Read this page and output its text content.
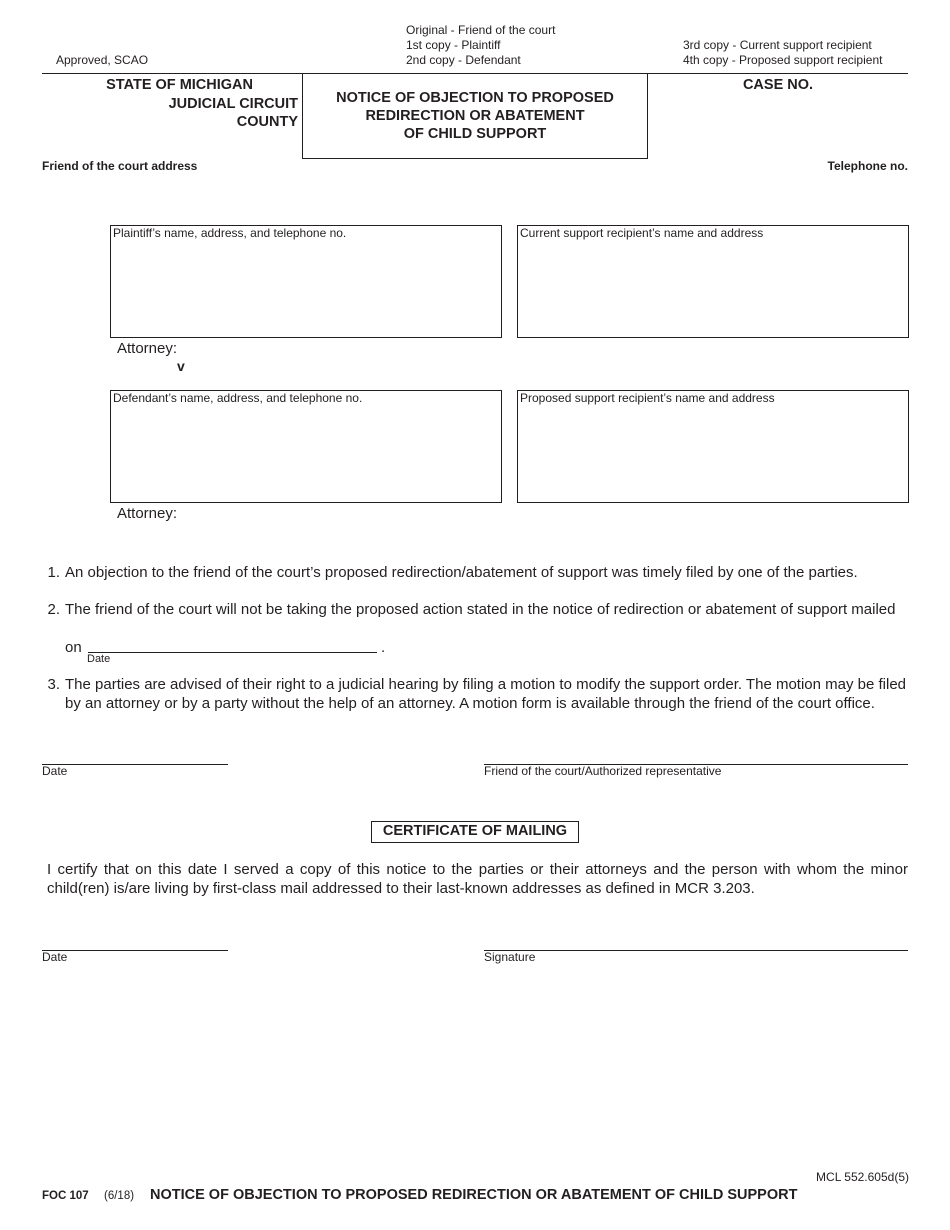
Approved, SCAO
Original - Friend of the court
1st copy - Plaintiff
2nd copy - Defendant
3rd copy - Current support recipient
4th copy - Proposed support recipient
STATE OF MICHIGAN
JUDICIAL CIRCUIT
COUNTY
NOTICE OF OBJECTION TO PROPOSED
REDIRECTION OR ABATEMENT
OF CHILD SUPPORT
CASE NO.
Friend of the court address	Telephone no.
Plaintiff’s name, address, and telephone no.	Current support recipient’s name and address
Attorney:
v
Defendant’s name, address, and telephone no.	Proposed support recipient’s name and address
Attorney:
1. An objection to the friend of the court’s proposed redirection/abatement of support was timely filed by one of the parties.
2. The friend of the court will not be taking the proposed action stated in the notice of redirection or abatement of support mailed
on	.
Date
3. The parties are advised of their right to a judicial hearing by filing a motion to modify the support order. The motion may be filed by an attorney or by a party without the help of an attorney. A motion form is available through the friend of the court office.
Date	Friend of the court/Authorized representative
CERTIFICATE OF MAILING
I certify that on this date I served a copy of this notice to the parties or their attorneys and the person with whom the minor child(ren) is/are living by first-class mail addressed to their last-known addresses as defined in MCR 3.203.
Date	Signature
MCL 552.605d(5)
FOC 107 (6/18) NOTICE OF OBJECTION TO PROPOSED REDIRECTION OR ABATEMENT OF CHILD SUPPORT
